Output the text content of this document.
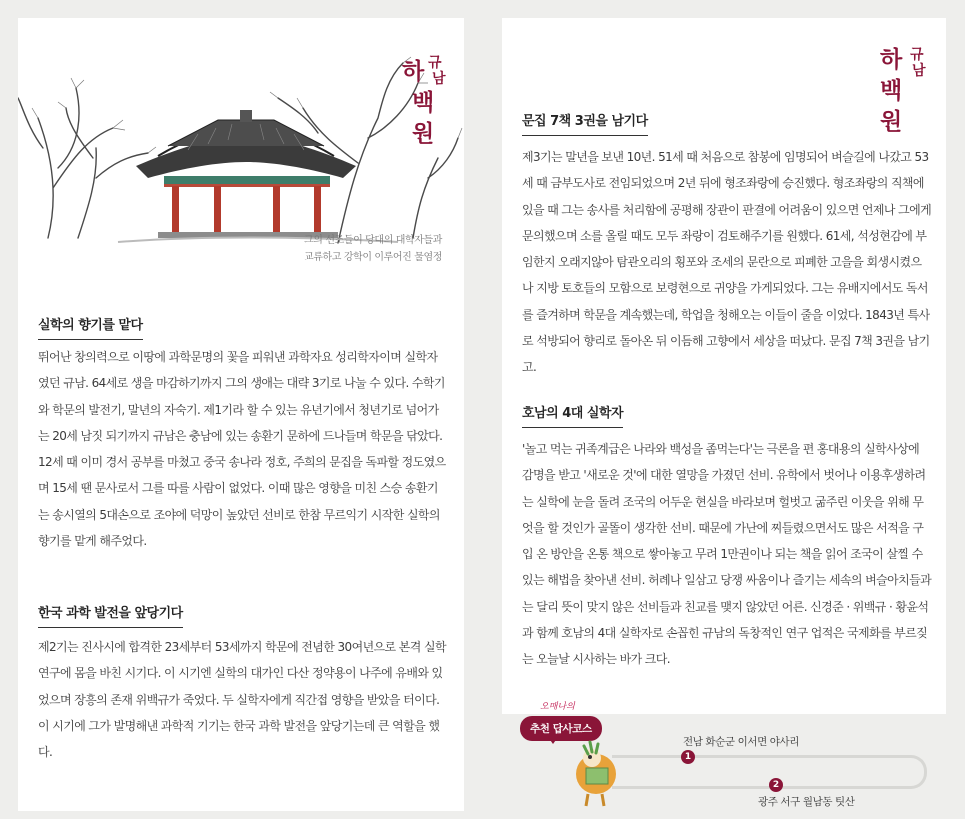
하
백
원
규
남
그의 선조들이 당대의 대학자들과
교류하고 강학이 이루어진 물염정
실학의 향기를 맡다

뛰어난 창의력으로 이땅에 과학문명의 꽃을 피워낸 과학자요 성리학자이며 실학자였던 규남. 64세로 생을 마감하기까지 그의 생애는 대략 3기로 나눌 수 있다. 수학기와 학문의 발전기, 말년의 자숙기. 제1기라 할 수 있는 유년기에서 청년기로 넘어가는 20세 남짓 되기까지 규남은 충남에 있는 송환기 문하에 드나들며 학문을 닦았다. 12세 때 이미 경서 공부를 마쳤고 중국 송나라 정호, 주희의 문집을 독파할 정도였으며 15세 땐 문사로서 그를 따를 사람이 없었다. 이때 많은 영향을 미친 스승 송환기는 송시열의 5대손으로 조야에 덕망이 높았던 선비로 한참 무르익기 시작한 실학의 향기를 맡게 해주었다.

한국 과학 발전을 앞당기다

제2기는 진사시에 합격한 23세부터 53세까지 학문에 전념한 30여년으로 본격 실학 연구에 몸을 바친 시기다. 이 시기엔 실학의 대가인 다산 정약용이 나주에 유배와 있었으며 장흥의 존재 위백규가 죽었다. 두 실학자에게 직간접 영향을 받았을 터이다. 이 시기에 그가 발명해낸 과학적 기기는 한국 과학 발전을 앞당기는데 큰 역할을 했다.

하
백
원
규
남
문집 7책 3권을 남기다

제3기는 말년을 보낸 10년. 51세 때 처음으로 참봉에 임명되어 벼슬길에 나갔고 53세 때 금부도사로 전임되었으며 2년 뒤에 형조좌랑에 승진했다. 형조좌랑의 직책에 있을 때 그는 송사를 처리함에 공평해 장관이 판결에 어려움이 있으면 언제나 그에게 문의했으며 소를 올릴 때도 모두 좌랑이 검토해주기를 원했다. 61세, 석성현감에 부임한지 오래지않아 탐관오리의 횡포와 조세의 문란으로 피폐한 고을을 회생시켰으나 지방 토호들의 모함으로 보령현으로 귀양을 가게되었다. 그는 유배지에서도 독서를 즐겨하며 학문을 계속했는데, 학업을 청해오는 이들이 줄을 이었다. 1843년 특사로 석방되어 향리로 돌아온 뒤 이듬해 고향에서 세상을 떠났다. 문집 7책 3권을 남기고.

호남의 4대 실학자

'놀고 먹는 귀족계급은 나라와 백성을 좀먹는다'는 극론을 편 홍대용의 실학사상에 감명을 받고 '새로운 것'에 대한 열망을 가졌던 선비. 유학에서 벗어나 이용후생하려는 실학에 눈을 돌려 조국의 어두운 현실을 바라보며 헐벗고 굶주린 이웃을 위해 무엇을 할 것인가 골똘이 생각한 선비. 때문에 가난에 찌들렸으면서도 많은 서적을 구입 온 방안을 온통 책으로 쌓아놓고 무려 1만권이나 되는 책을 읽어 조국이 살찔 수 있는 해법을 찾아낸 선비. 허례나 일삼고 당쟁 싸움이나 즐기는 세속의 벼슬아치들과는 달리 뜻이 맞지 않은 선비들과 친교를 맺지 않았던 어른. 신경준 · 위백규 · 황윤석과 함께 호남의 4대 실학자로 손꼽힌 규남의 독창적인 연구 업적은 국제화를 부르짖는 오늘날 시사하는 바가 크다.

오매나의
추천 답사코스
1
전남 화순군 이서면 야사리
2
광주 서구 월남동 팃산
